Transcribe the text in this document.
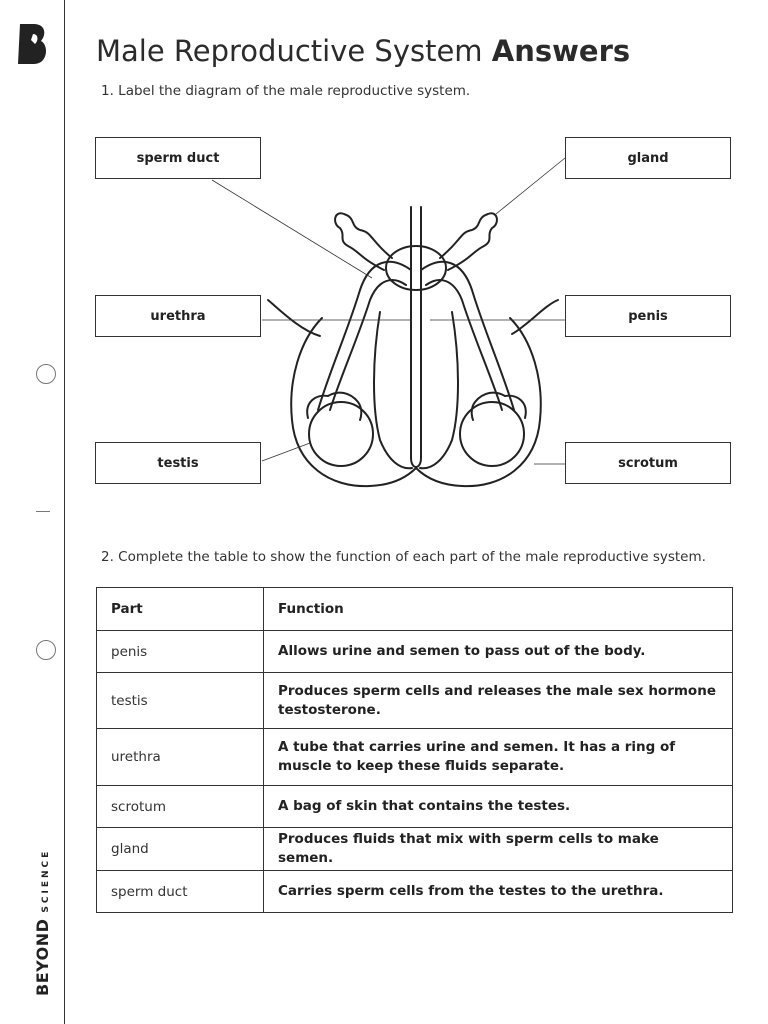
BEYONDSCIENCE
Male Reproductive System Answers
1. Label the diagram of the male reproductive system.
sperm duct	gland
urethra	penis
testis	scrotum
2. Complete the table to show the function of each part of the male reproductive system.
Part	Function
penis	Allows urine and semen to pass out of the body.
testis	Produces sperm cells and releases the male sex hormone testosterone.
urethra	A tube that carries urine and semen. It has a ring of muscle to keep these fluids separate.
scrotum	A bag of skin that contains the testes.
gland	Produces fluids that mix with sperm cells to make semen.
sperm duct	Carries sperm cells from the testes to the urethra.
